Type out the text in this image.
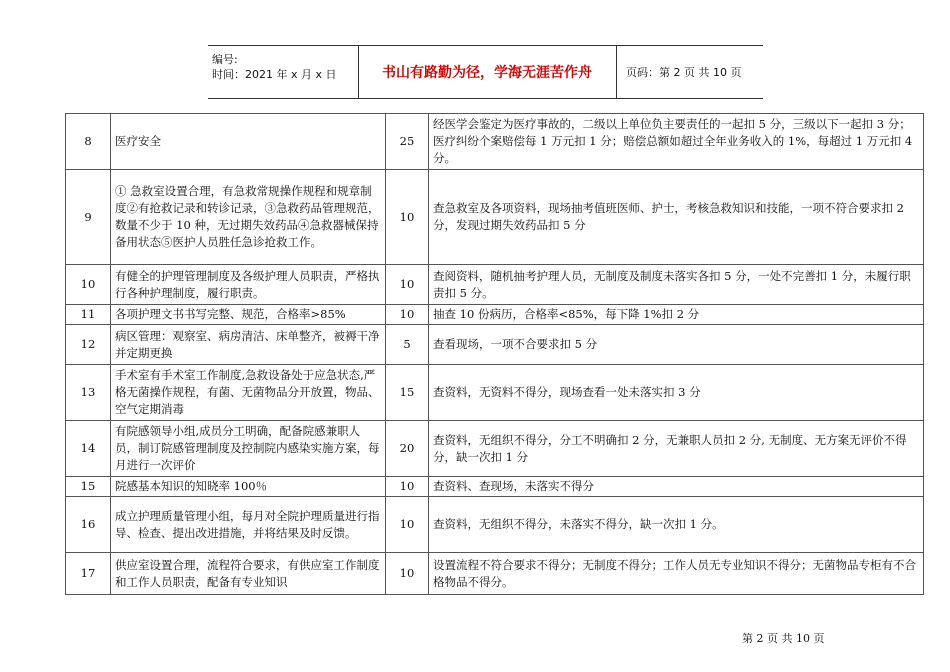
编号:
时间：2021 年 x 月 x 日	书山有路勤为径，学海无涯苦作舟	页码：第 2 页 共 10 页
8	医疗安全	25	经医学会鉴定为医疗事故的，二级以上单位负主要责任的一起扣 5 分，三级以下一起扣 3 分；医疗纠纷个案赔偿每 1 万元扣 1 分；赔偿总额如超过全年业务收入的 1%，每超过 1 万元扣 4 分。	
9	① 急救室设置合理，有急救常规操作规程和规章制度②有抢救记录和转诊记录，③急救药品管理规范，数量不少于 10 种，无过期失效药品④急救器械保持备用状态⑤医护人员胜任急诊抢救工作。	10	查急救室及各项资料，现场抽考值班医师、护士，考核急救知识和技能，一项不符合要求扣 2 分，发现过期失效药品扣 5 分	
10	有健全的护理管理制度及各级护理人员职责，严格执行各种护理制度，履行职责。	10	查阅资料，随机抽考护理人员，无制度及制度未落实各扣 5 分，一处不完善扣 1 分，未履行职责扣 5 分。	
11	各项护理文书书写完整、规范，合格率>85%	10	抽查 10 份病历，合格率<85%，每下降 1%扣 2 分	
12	病区管理：观察室、病房清洁、床单整齐，被褥干净并定期更换	5	查看现场，一项不合要求扣 5 分	
13	手术室有手术室工作制度,急救设备处于应急状态,严格无菌操作规程，有菌、无菌物品分开放置，物品、空气定期消毒	15	查资料，无资料不得分，现场查看一处未落实扣 3 分	
14	有院感领导小组,成员分工明确，配备院感兼职人员，制订院感管理制度及控制院内感染实施方案，每月进行一次评价	20	查资料，无组织不得分，分工不明确扣 2 分，无兼职人员扣 2 分, 无制度、无方案无评价不得分，缺一次扣 1 分	
15	院感基本知识的知晓率 100％	10	查资料、查现场，未落实不得分	
16	成立护理质量管理小组，每月对全院护理质量进行指导、检查、提出改进措施，并将结果及时反馈。	10	查资料，无组织不得分，未落实不得分，缺一次扣 1 分。	
17	供应室设置合理，流程符合要求，有供应室工作制度和工作人员职责，配备有专业知识	10	设置流程不符合要求不得分；无制度不得分；工作人员无专业知识不得分；无菌物品专柜有不合格物品不得分。	
第 2 页 共 10 页
